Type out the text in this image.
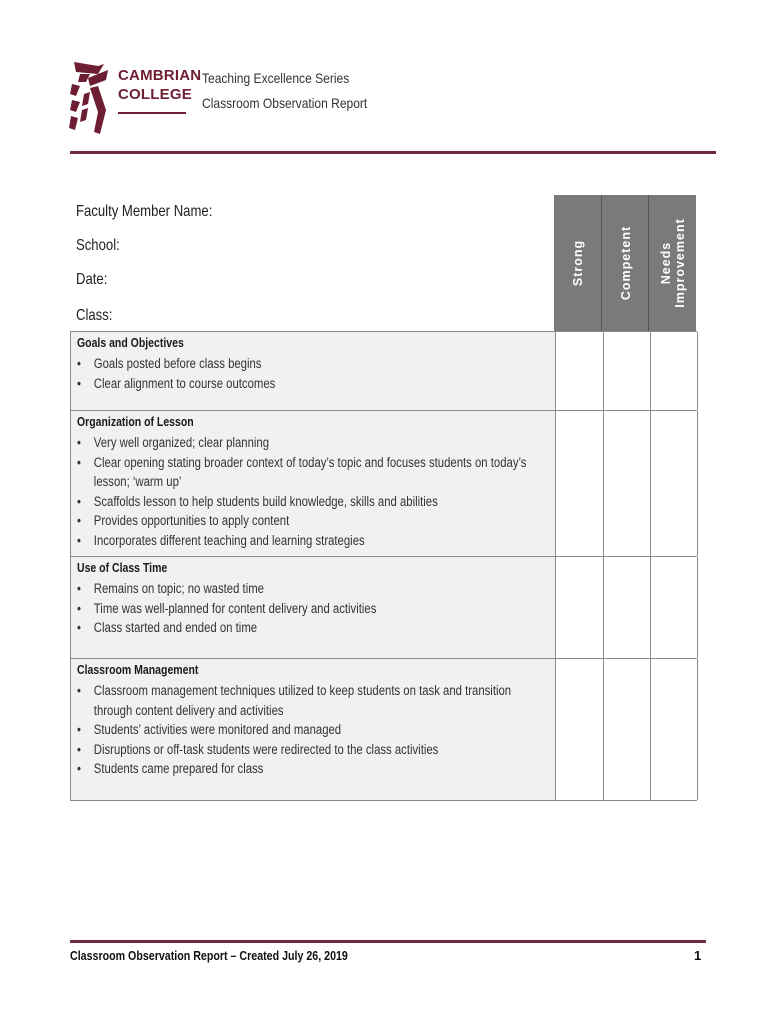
CAMBRIAN
COLLEGE
Teaching Excellence Series
Classroom Observation Report
Faculty Member Name:
School:
Date:
Class:
Strong	Competent Needs Improvement
Goals and Objectives
• Goals posted before class begins
• Clear alignment to course outcomes
Organization of Lesson
• Very well organized; clear planning
• Clear opening stating broader context of today’s topic and focuses students on today’s lesson; ‘warm up’
• Scaffolds lesson to help students build knowledge, skills and abilities
• Provides opportunities to apply content
• Incorporates different teaching and learning strategies
Use of Class Time
• Remains on topic; no wasted time
• Time was well-planned for content delivery and activities
• Class started and ended on time
Classroom Management
• Classroom management techniques utilized to keep students on task and transition through content delivery and activities
• Students’ activities were monitored and managed
• Disruptions or off-task students were redirected to the class activities
• Students came prepared for class
Classroom Observation Report – Created July 26, 2019	1
